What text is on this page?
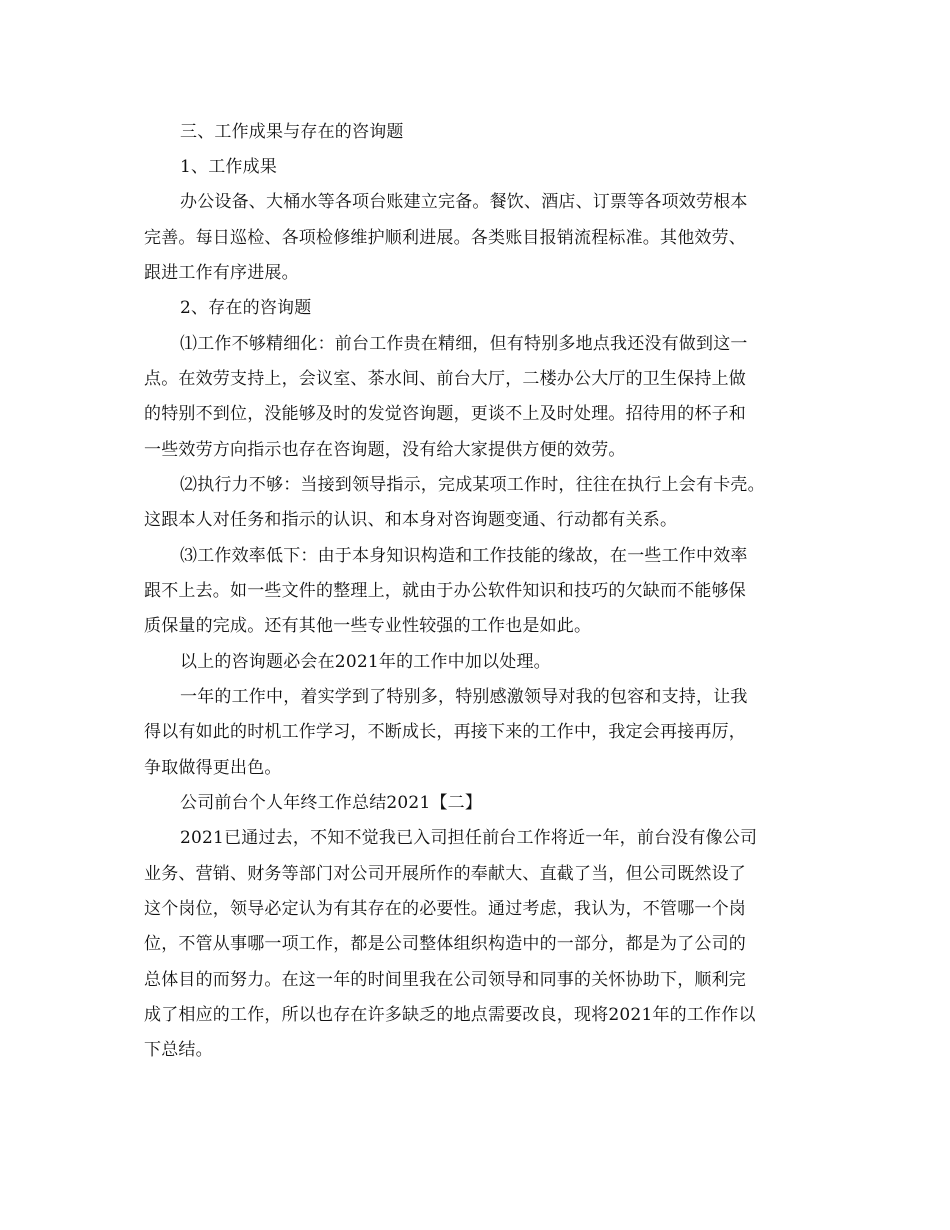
三、工作成果与存在的咨询题
1、工作成果
办公设备、大桶水等各项台账建立完备。餐饮、酒店、订票等各项效劳根本
完善。每日巡检、各项检修维护顺利进展。各类账目报销流程标准。其他效劳、
跟进工作有序进展。
2、存在的咨询题
⑴工作不够精细化：前台工作贵在精细，但有特别多地点我还没有做到这一
点。在效劳支持上，会议室、茶水间、前台大厅，二楼办公大厅的卫生保持上做
的特别不到位，没能够及时的发觉咨询题，更谈不上及时处理。招待用的杯子和
一些效劳方向指示也存在咨询题，没有给大家提供方便的效劳。
⑵执行力不够：当接到领导指示，完成某项工作时，往往在执行上会有卡壳。
这跟本人对任务和指示的认识、和本身对咨询题变通、行动都有关系。
⑶工作效率低下：由于本身知识构造和工作技能的缘故，在一些工作中效率
跟不上去。如一些文件的整理上，就由于办公软件知识和技巧的欠缺而不能够保
质保量的完成。还有其他一些专业性较强的工作也是如此。
以上的咨询题必会在2021年的工作中加以处理。
一年的工作中，着实学到了特别多，特别感激领导对我的包容和支持，让我
得以有如此的时机工作学习，不断成长，再接下来的工作中，我定会再接再厉，
争取做得更出色。
公司前台个人年终工作总结2021【二】
2021已通过去，不知不觉我已入司担任前台工作将近一年，前台没有像公司
业务、营销、财务等部门对公司开展所作的奉献大、直截了当，但公司既然设了
这个岗位，领导必定认为有其存在的必要性。通过考虑，我认为，不管哪一个岗
位，不管从事哪一项工作，都是公司整体组织构造中的一部分，都是为了公司的
总体目的而努力。在这一年的时间里我在公司领导和同事的关怀协助下，顺利完
成了相应的工作，所以也存在许多缺乏的地点需要改良，现将2021年的工作作以
下总结。
